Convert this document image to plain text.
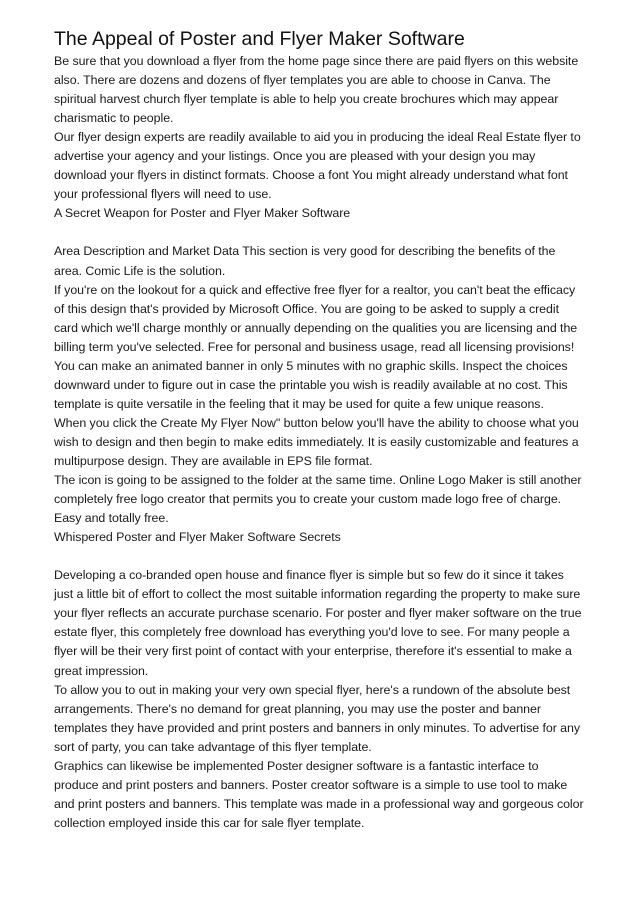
The Appeal of Poster and Flyer Maker Software

Be sure that you download a flyer from the home page since there are paid flyers on this website also. There are dozens and dozens of flyer templates you are able to choose in Canva. The spiritual harvest church flyer template is able to help you create brochures which may appear charismatic to people.

Our flyer design experts are readily available to aid you in producing the ideal Real Estate flyer to advertise your agency and your listings. Once you are pleased with your design you may download your flyers in distinct formats. Choose a font You might already understand what font your professional flyers will need to use.

A Secret Weapon for Poster and Flyer Maker Software

Area Description and Market Data This section is very good for describing the benefits of the area. Comic Life is the solution.

If you're on the lookout for a quick and effective free flyer for a realtor, you can't beat the efficacy of this design that's provided by Microsoft Office. You are going to be asked to supply a credit card which we'll charge monthly or annually depending on the qualities you are licensing and the billing term you've selected. Free for personal and business usage, read all licensing provisions!

You can make an animated banner in only 5 minutes with no graphic skills. Inspect the choices downward under to figure out in case the printable you wish is readily available at no cost. This template is quite versatile in the feeling that it may be used for quite a few unique reasons.

When you click the Create My Flyer Now" button below you'll have the ability to choose what you wish to design and then begin to make edits immediately. It is easily customizable and features a multipurpose design. They are available in EPS file format.

The icon is going to be assigned to the folder at the same time. Online Logo Maker is still another completely free logo creator that permits you to create your custom made logo free of charge. Easy and totally free.

Whispered Poster and Flyer Maker Software Secrets

Developing a co-branded open house and finance flyer is simple but so few do it since it takes just a little bit of effort to collect the most suitable information regarding the property to make sure your flyer reflects an accurate purchase scenario. For poster and flyer maker software on the true estate flyer, this completely free download has everything you'd love to see. For many people a flyer will be their very first point of contact with your enterprise, therefore it's essential to make a great impression.

To allow you to out in making your very own special flyer, here's a rundown of the absolute best arrangements. There's no demand for great planning, you may use the poster and banner templates they have provided and print posters and banners in only minutes. To advertise for any sort of party, you can take advantage of this flyer template.

Graphics can likewise be implemented Poster designer software is a fantastic interface to produce and print posters and banners. Poster creator software is a simple to use tool to make and print posters and banners. This template was made in a professional way and gorgeous color collection employed inside this car for sale flyer template.
